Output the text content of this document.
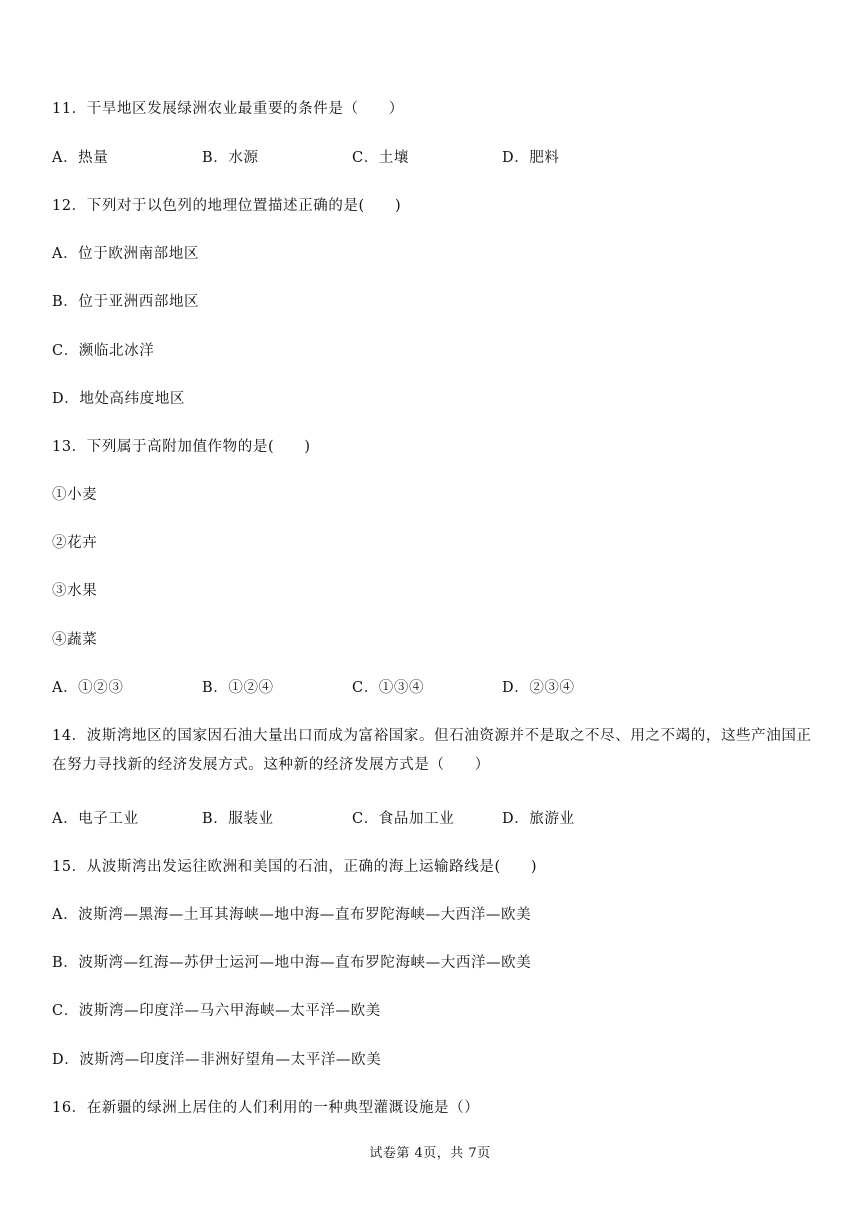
11．干旱地区发展绿洲农业最重要的条件是（　　）
A．热量	B．水源	C．土壤	D．肥料
12．下列对于以色列的地理位置描述正确的是(　　)
A．位于欧洲南部地区
B．位于亚洲西部地区
C．濒临北冰洋
D．地处高纬度地区
13．下列属于高附加值作物的是(　　)
①小麦
②花卉
③水果
④蔬菜
A．①②③	B．①②④	C．①③④	D．②③④
14．波斯湾地区的国家因石油大量出口而成为富裕国家。但石油资源并不是取之不尽、用之不竭的，这些产油国正在努力寻找新的经济发展方式。这种新的经济发展方式是（　　）
A．电子工业	B．服装业	C．食品加工业	D．旅游业
15．从波斯湾出发运往欧洲和美国的石油，正确的海上运输路线是(　　)
A．波斯湾—黑海—土耳其海峡—地中海—直布罗陀海峡—大西洋—欧美
B．波斯湾—红海—苏伊士运河—地中海—直布罗陀海峡—大西洋—欧美
C．波斯湾—印度洋—马六甲海峡—太平洋—欧美
D．波斯湾—印度洋—非洲好望角—太平洋—欧美
16．在新疆的绿洲上居住的人们利用的一种典型灌溉设施是（）
试卷第 4页，共 7页
